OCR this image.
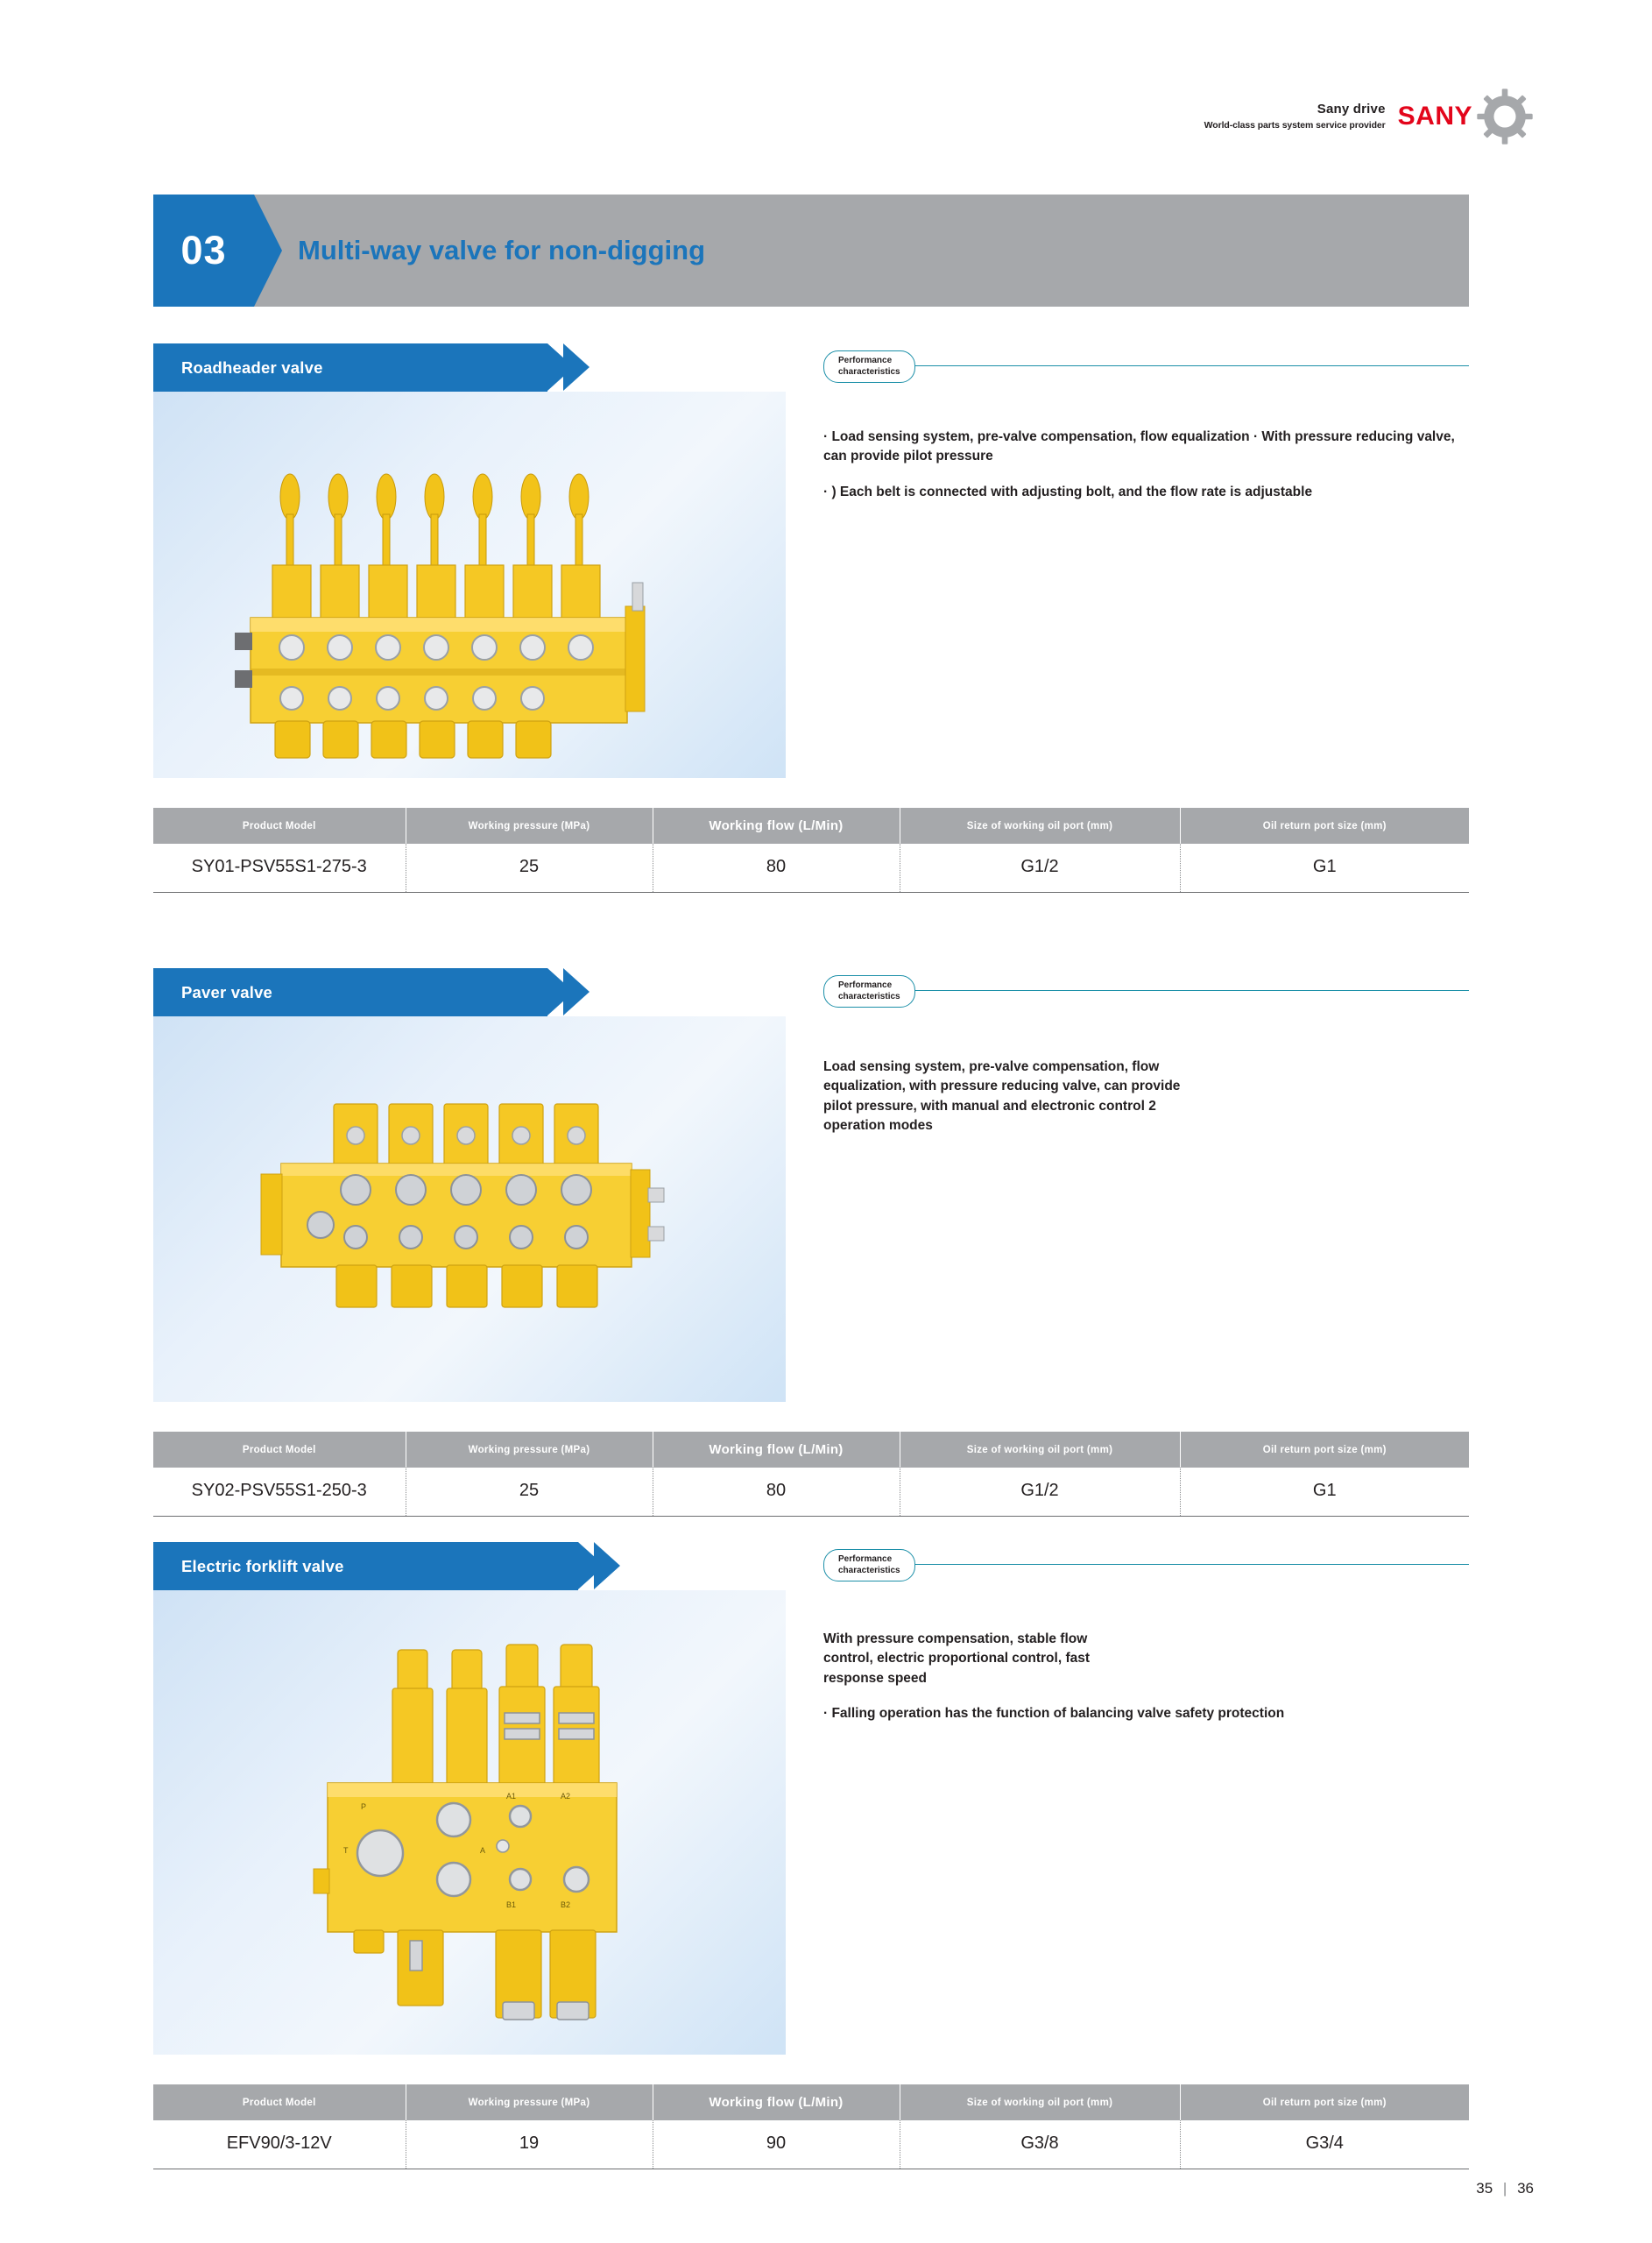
Sany drive
World-class parts system service provider SANY
03	Multi-way valve for non-digging
Roadheader valve	Performance
characteristics

· Load sensing system, pre-valve compensation, flow equalization · With pressure reducing valve, can provide pilot pressure

· ) Each belt is connected with adjusting bolt, and the flow rate is adjustable

Product Model	Working pressure (MPa)	Working flow (L/Min)	Size of working oil port (mm)	Oil return port size (mm)
SY01-PSV55S1-275-3	25	80	G1/2	G1
Paver valve	Performance
characteristics

Load sensing system, pre-valve compensation, flow equalization, with pressure reducing valve, can provide pilot pressure, with manual and electronic control 2 operation modes

Product Model	Working pressure (MPa)	Working flow (L/Min)	Size of working oil port (mm)	Oil return port size (mm)
SY02-PSV55S1-250-3	25	80	G1/2	G1
Electric forklift valve
P
T	A
A1	A2
B1	B2
Performance
characteristics

With pressure compensation, stable flow control, electric proportional control, fast response speed

· Falling operation has the function of balancing valve safety protection

Product Model	Working pressure (MPa)	Working flow (L/Min)	Size of working oil port (mm)	Oil return port size (mm)
EFV90/3-12V	19	90	G3/8	G3/4
35 | 36
